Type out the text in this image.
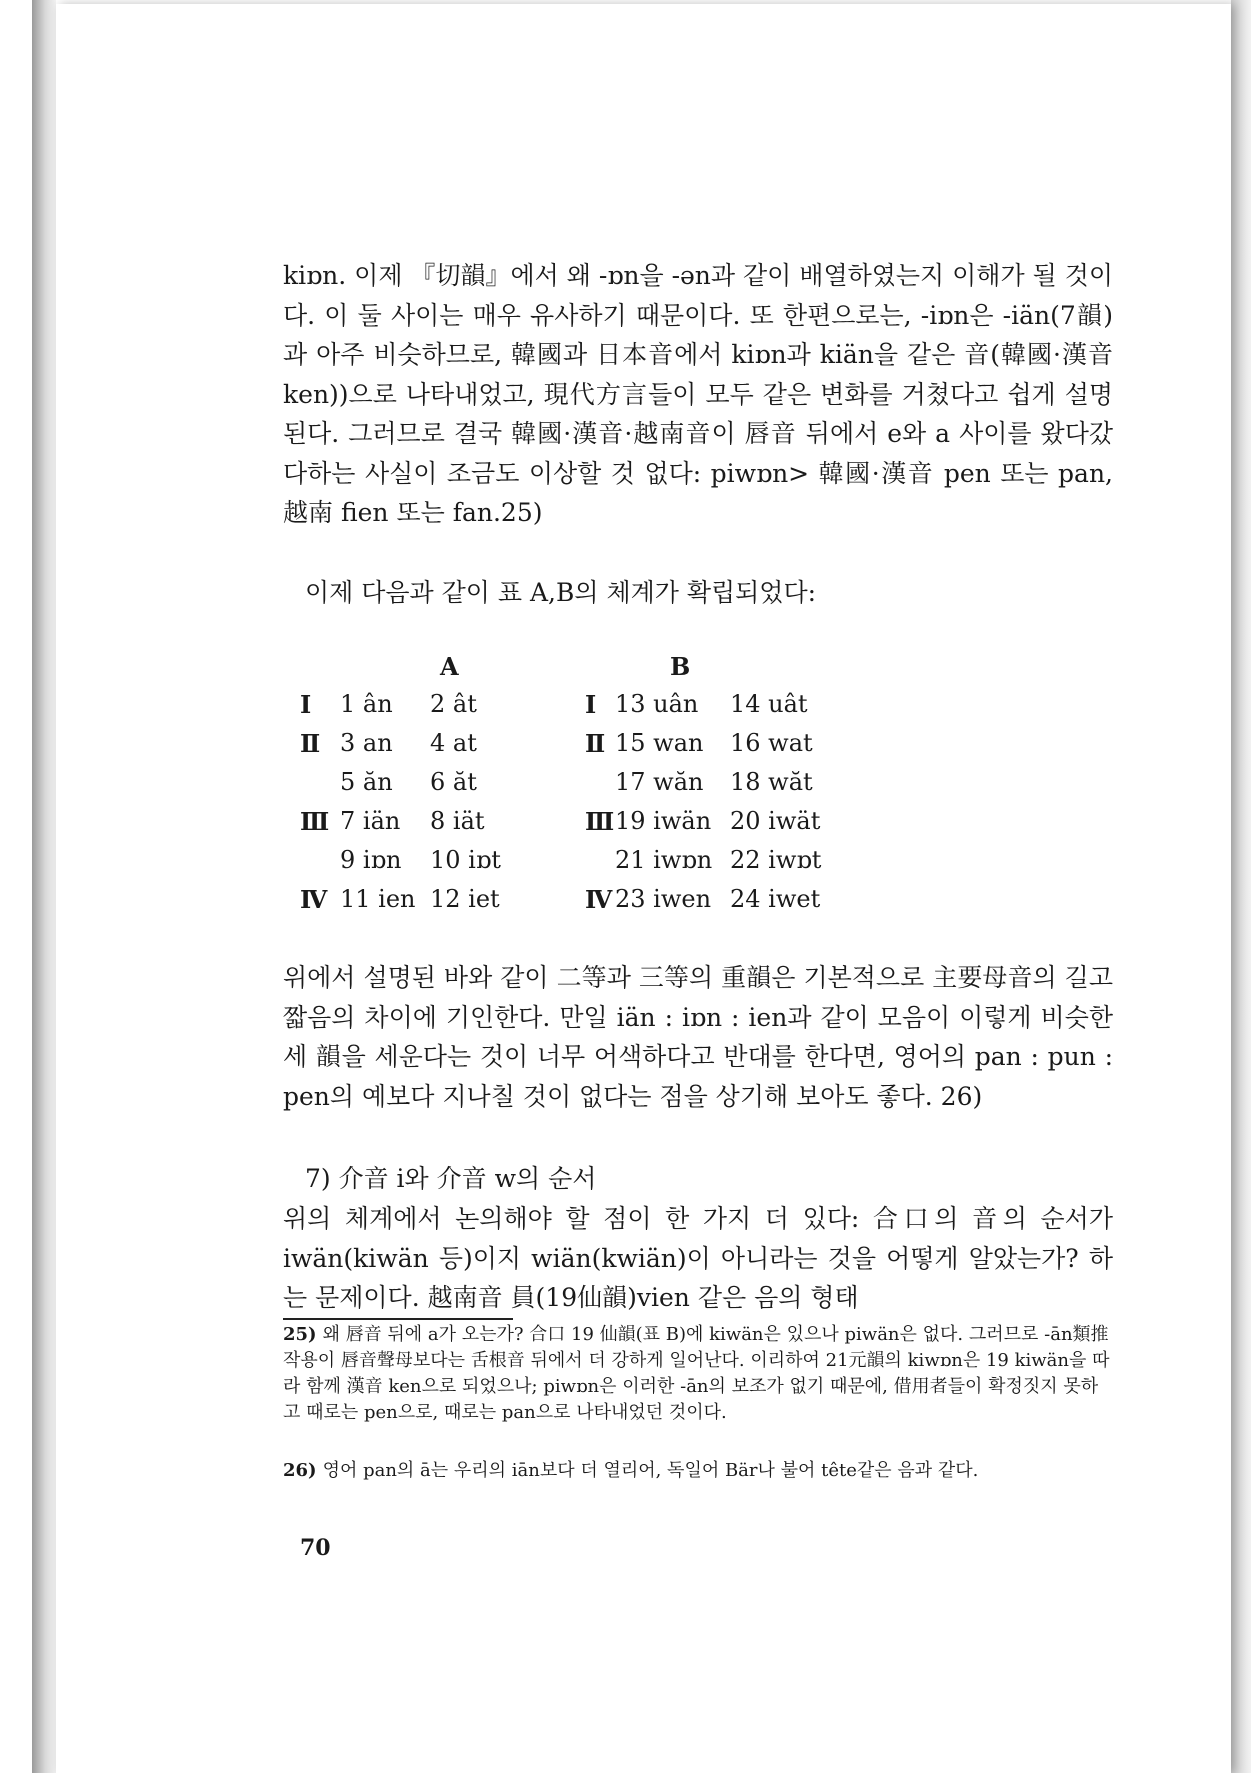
kiɒn. 이제 『切韻』에서 왜 -ɒn을 -ən과 같이 배열하였는지 이해가 될 것이다. 이 둘 사이는 매우 유사하기 때문이다. 또 한편으로는, -iɒn은 -iän(7韻)과 아주 비슷하므로, 韓國과 日本音에서 kiɒn과 kiän을 같은 音(韓國·漢音 ken))으로 나타내었고, 現代方言들이 모두 같은 변화를 거쳤다고 쉽게 설명된다. 그러므로 결국 韓國·漢音·越南音이 唇音 뒤에서 e와 a 사이를 왔다갔다하는 사실이 조금도 이상할 것 없다: piwɒn> 韓國·漢音 pen 또는 pan, 越南 fien 또는 fan.25)

이제 다음과 같이 표 A,B의 체계가 확립되었다:

A	B
Ⅰ 1 ân 2 ât	Ⅰ 13 uân 14 uât
Ⅱ 3 an 4 at	Ⅱ 15 wan 16 wat
5 ăn 6 ăt	17 wăn 18 wăt
Ⅲ 7 iän 8 iät	Ⅲ 19 iwän 20 iwät
9 iɒn 10 iɒt	21 iwɒn 22 iwɒt
Ⅳ 11 ien 12 iet	Ⅳ 23 iwen 24 iwet

위에서 설명된 바와 같이 二等과 三等의 重韻은 기본적으로 主要母音의 길고 짧음의 차이에 기인한다. 만일 iän : iɒn : ien과 같이 모음이 이렇게 비슷한 세 韻을 세운다는 것이 너무 어색하다고 반대를 한다면, 영어의 pan : pun : pen의 예보다 지나칠 것이 없다는 점을 상기해 보아도 좋다. 26)

7) 介音 i와 介音 w의 순서

위의 체계에서 논의해야 할 점이 한 가지 더 있다: 合口의 音의 순서가 iwän(kiwän 등)이지 wiän(kwiän)이 아니라는 것을 어떻게 알았는가? 하는 문제이다. 越南音 員(19仙韻)vien 같은 음의 형태

25) 왜 唇音 뒤에 a가 오는가? 合口 19 仙韻(표 B)에 kiwän은 있으나 piwän은 없다. 그러므로 -ān類推작용이 唇音聲母보다는 舌根音 뒤에서 더 강하게 일어난다. 이리하여 21元韻의 kiwɒn은 19 kiwän을 따라 함께 漢音 ken으로 되었으나; piwɒn은 이러한 -ān의 보조가 없기 때문에, 借用者들이 확정짓지 못하고 때로는 pen으로, 때로는 pan으로 나타내었던 것이다.

26) 영어 pan의 ā는 우리의 iān보다 더 열리어, 독일어 Bär나 불어 tête같은 음과 같다.

70
